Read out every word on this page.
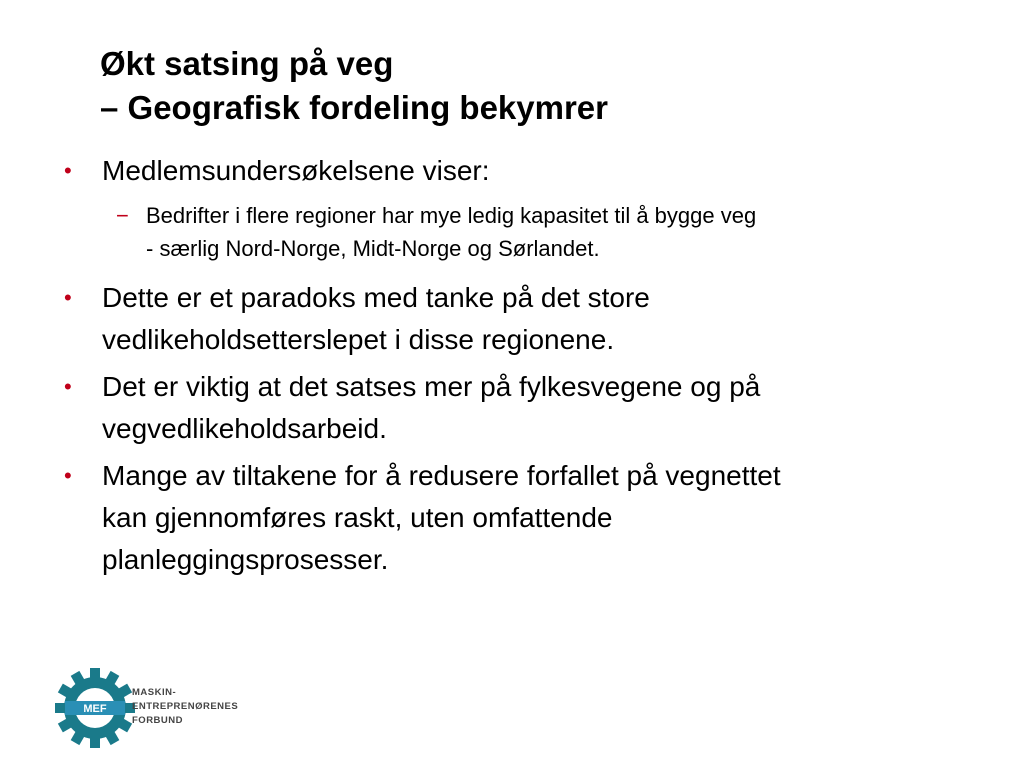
Økt satsing på veg
– Geografisk fordeling bekymrer
• Medlemsundersøkelsene viser:
− Bedrifter i flere regioner har mye ledig kapasitet til å bygge veg
- særlig Nord-Norge, Midt-Norge og Sørlandet.
• Dette er et paradoks med tanke på det store
vedlikeholdsetterslepet i disse regionene.
• Det er viktig at det satses mer på fylkesvegene og på
vegvedlikeholdsarbeid.
• Mange av tiltakene for å redusere forfallet på vegnettet
kan gjennomføres raskt, uten omfattende
planleggingsprosesser.
MEF
MASKIN-
ENTREPRENØRENES
FORBUND
